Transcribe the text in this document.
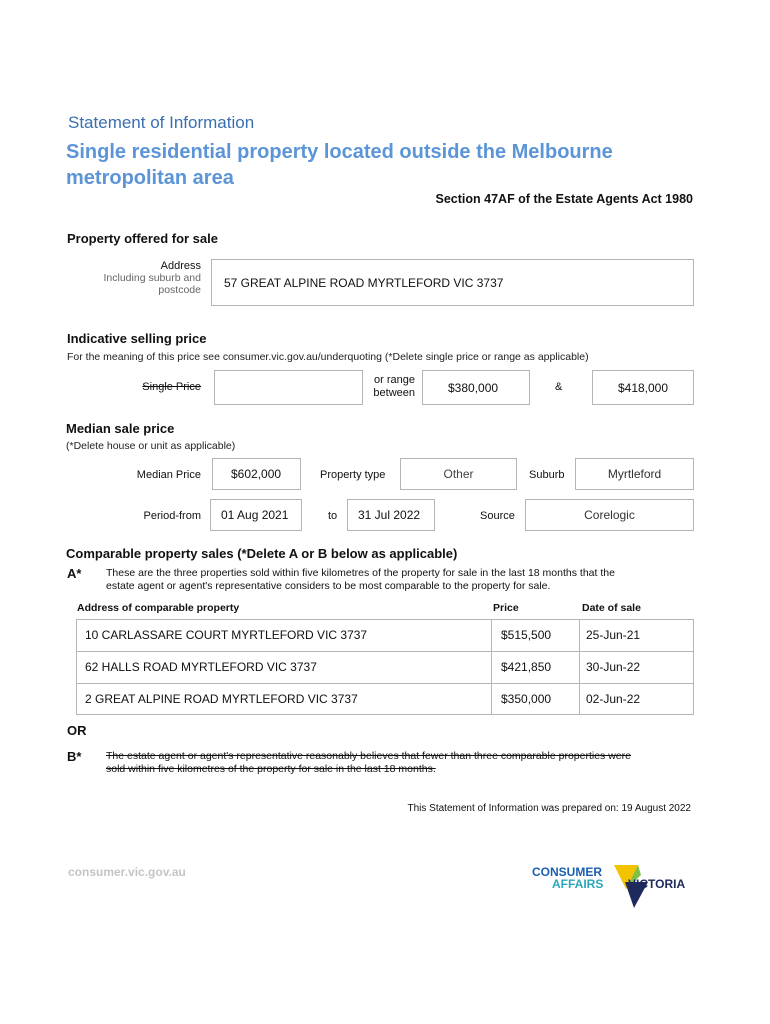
Statement of Information
Single residential property located outside the Melbourne
metropolitan area
Section 47AF of the Estate Agents Act 1980
Property offered for sale
Address
Including suburb and
postcode
57 GREAT ALPINE ROAD MYRTLEFORD VIC 3737
Indicative selling price
For the meaning of this price see consumer.vic.gov.au/underquoting (*Delete single price or range as applicable)
Single Price
or range
between	$380,000	&	$418,000
Median sale price
(*Delete house or unit as applicable)
Median Price	$602,000	Property type	Other	Suburb	Myrtleford
Period-from 01 Aug 2021	to 31 Jul 2022	Source	Corelogic
Comparable property sales (*Delete A or B below as applicable)
A* These are the three properties sold within five kilometres of the property for sale in the last 18 months that the
estate agent or agent's representative considers to be most comparable to the property for sale.
Address of comparable property	Price	Date of sale
10 CARLASSARE COURT MYRTLEFORD VIC 3737	$515,500	25-Jun-21
62 HALLS ROAD MYRTLEFORD VIC 3737	$421,850	30-Jun-22
2 GREAT ALPINE ROAD MYRTLEFORD VIC 3737	$350,000	02-Jun-22
OR
B* The estate agent or agent's representative reasonably believes that fewer than three comparable properties were
sold within five kilometres of the property for sale in the last 18 months.
This Statement of Information was prepared on: 19 August 2022
consumer.vic.gov.au	CONSUMER
AFFAIRS VICTORIA
